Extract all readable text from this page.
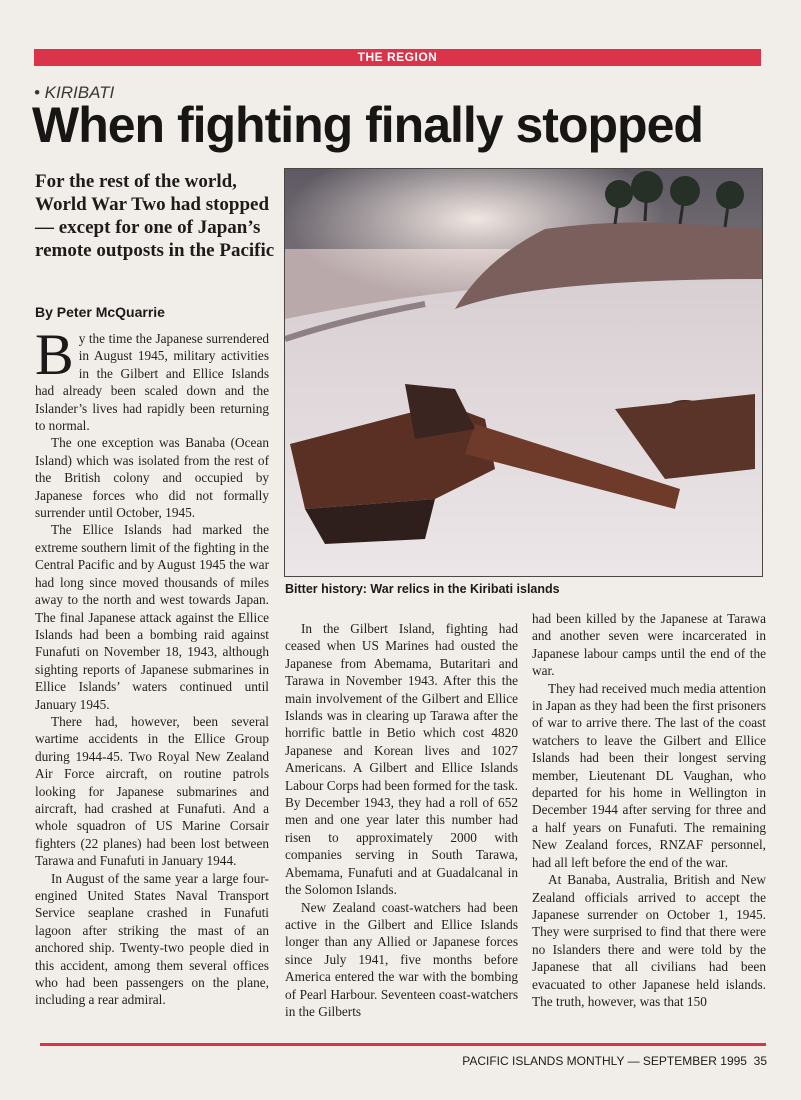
THE REGION
• KIRIBATI
When fighting finally stopped
For the rest of the world, World War Two had stopped — except for one of Japan’s remote outposts in the Pacific
By Peter McQuarrie

By the time the Japanese surrendered in August 1945, military activities in the Gilbert and Ellice Islands had already been scaled down and the Islander’s lives had rapidly been returning to normal.

The one exception was Banaba (Ocean Island) which was isolated from the rest of the British colony and occupied by Japanese forces who did not formally surrender until October, 1945.

The Ellice Islands had marked the extreme southern limit of the fighting in the Central Pacific and by August 1945 the war had long since moved thousands of miles away to the north and west towards Japan. The final Japanese attack against the Ellice Islands had been a bombing raid against Funafuti on November 18, 1943, although sighting reports of Japanese submarines in Ellice Islands’ waters continued until January 1945.

There had, however, been several wartime accidents in the Ellice Group during 1944-45. Two Royal New Zealand Air Force aircraft, on routine patrols looking for Japanese submarines and aircraft, had crashed at Funafuti. And a whole squadron of US Marine Corsair fighters (22 planes) had been lost between Tarawa and Funafuti in January 1944.

In August of the same year a large four-engined United States Naval Transport Service seaplane crashed in Funafuti lagoon after striking the mast of an anchored ship. Twenty-two people died in this accident, among them several offices who had been passengers on the plane, including a rear admiral.

Bitter history: War relics in the Kiribati islands

In the Gilbert Island, fighting had ceased when US Marines had ousted the Japanese from Abemama, Butaritari and Tarawa in November 1943. After this the main involvement of the Gilbert and Ellice Islands was in clearing up Tarawa after the horrific battle in Betio which cost 4820 Japanese and Korean lives and 1027 Americans. A Gilbert and Ellice Islands Labour Corps had been formed for the task. By December 1943, they had a roll of 652 men and one year later this number had risen to approximately 2000 with companies serving in South Tarawa, Abemama, Funafuti and at Guadalcanal in the Solomon Islands.

New Zealand coast-watchers had been active in the Gilbert and Ellice Islands longer than any Allied or Japanese forces since July 1941, five months before America entered the war with the bombing of Pearl Harbour. Seventeen coast-watchers in the Gilberts

had been killed by the Japanese at Tarawa and another seven were incarcerated in Japanese labour camps until the end of the war.

They had received much media attention in Japan as they had been the first prisoners of war to arrive there. The last of the coast watchers to leave the Gilbert and Ellice Islands had been their longest serving member, Lieutenant DL Vaughan, who departed for his home in Wellington in December 1944 after serving for three and a half years on Funafuti. The remaining New Zealand forces, RNZAF personnel, had all left before the end of the war.

At Banaba, Australia, British and New Zealand officials arrived to accept the Japanese surrender on October 1, 1945. They were surprised to find that there were no Islanders there and were told by the Japanese that all civilians had been evacuated to other Japanese held islands. The truth, however, was that 150

PACIFIC ISLANDS MONTHLY — SEPTEMBER 1995 35
